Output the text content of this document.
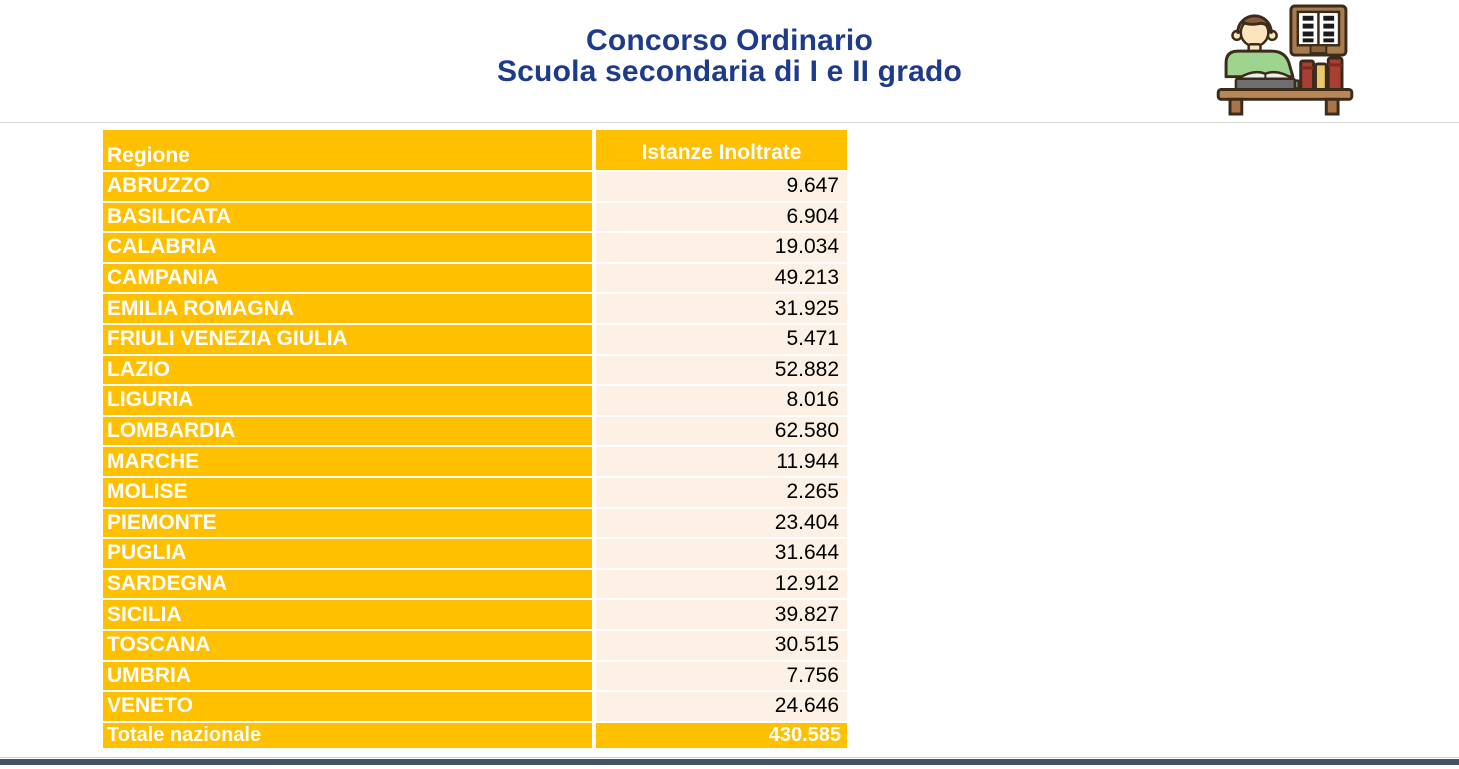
Concorso Ordinario
Scuola secondaria di I e II grado
Regione	Istanze Inoltrate
ABRUZZO	9.647
BASILICATA	6.904
CALABRIA	19.034
CAMPANIA	49.213
EMILIA ROMAGNA	31.925
FRIULI VENEZIA GIULIA	5.471
LAZIO	52.882
LIGURIA	8.016
LOMBARDIA	62.580
MARCHE	11.944
MOLISE	2.265
PIEMONTE	23.404
PUGLIA	31.644
SARDEGNA	12.912
SICILIA	39.827
TOSCANA	30.515
UMBRIA	7.756
VENETO	24.646
Totale nazionale	430.585
